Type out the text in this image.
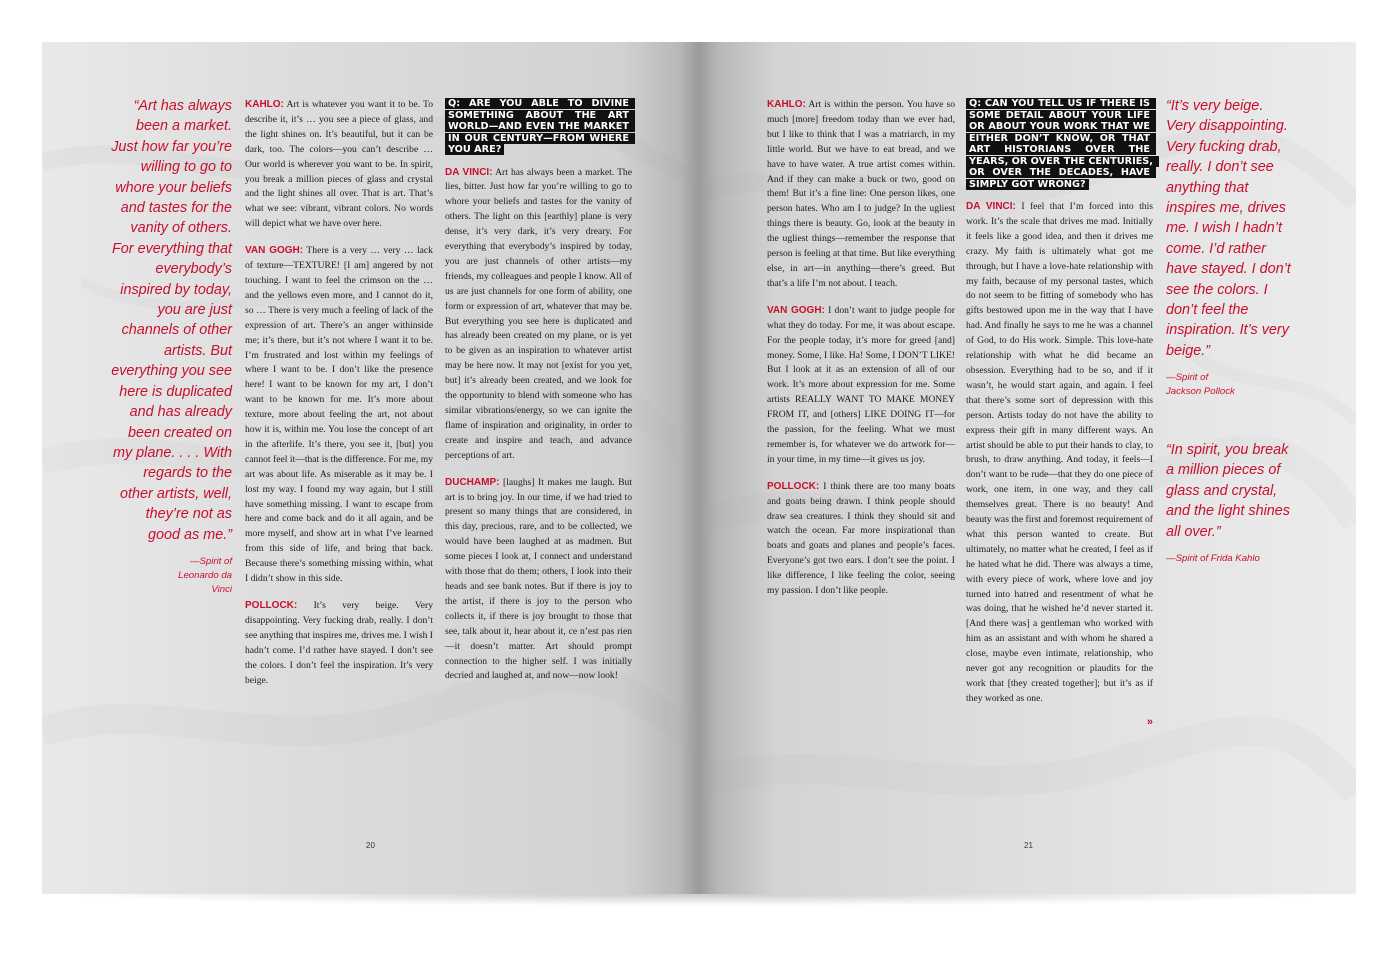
“Art has always been a market. Just how far you’re willing to go to whore your beliefs and tastes for the vanity of others. For everything that everybody’s inspired by today, you are just channels of other artists. But everything you see here is duplicated and has already been created on my plane. . . . With regards to the other artists, well, they’re not as good as me.”
—Spirit of Leonardo da Vinci

KAHLO: Art is whatever you want it to be. To describe it, it’s … you see a piece of glass, and the light shines on. It’s beautiful, but it can be dark, too. The colors—you can’t describe … Our world is wherever you want to be. In spirit, you break a million pieces of glass and crystal and the light shines all over. That is art. That’s what we see: vibrant, vibrant colors. No words will depict what we have over here.

VAN GOGH: There is a very … very … lack of texture—TEXTURE! [I am] angered by not touching. I want to feel the crimson on the … and the yellows even more, and I cannot do it, so … There is very much a feeling of lack of the expression of art. There’s an anger withinside me; it’s there, but it’s not where I want it to be. I’m frustrated and lost within my feelings of where I want to be. I don’t like the presence here! I want to be known for my art, I don’t want to be known for me. It’s more about texture, more about feeling the art, not about how it is, within me. You lose the concept of art in the afterlife. It’s there, you see it, [but] you cannot feel it—that is the difference. For me, my art was about life. As miserable as it may be. I lost my way. I found my way again, but I still have something missing. I want to escape from here and come back and do it all again, and be more myself, and show art in what I’ve learned from this side of life, and bring that back. Because there’s something missing within, what I didn’t show in this side.

POLLOCK: It’s very beige. Very disappointing. Very fucking drab, really. I don’t see anything that inspires me, drives me. I wish I hadn’t come. I’d rather have stayed. I don’t see the colors. I don’t feel the inspiration. It’s very beige.

Q: ARE YOU ABLE TO DIVINE SOMETHING ABOUT THE ART WORLD—AND EVEN THE MARKET IN OUR CENTURY—FROM WHERE YOU ARE?

DA VINCI: Art has always been a market. The lies, bitter. Just how far you’re willing to go to whore your beliefs and tastes for the vanity of others. The light on this [earthly] plane is very dense, it’s very dark, it’s very dreary. For everything that everybody’s inspired by today, you are just channels of other artists—my friends, my colleagues and people I know. All of us are just channels for one form of ability, one form or expression of art, whatever that may be. But everything you see here is duplicated and has already been created on my plane, or is yet to be given as an inspiration to whatever artist may be here now. It may not [exist for you yet, but] it’s already been created, and we look for the opportunity to blend with someone who has similar vibrations/energy, so we can ignite the flame of inspiration and originality, in order to create and inspire and teach, and advance perceptions of art.

DUCHAMP: [laughs] It makes me laugh. But art is to bring joy. In our time, if we had tried to present so many things that are considered, in this day, precious, rare, and to be collected, we would have been laughed at as madmen. But some pieces I look at, I connect and understand with those that do them; others, I look into their heads and see bank notes. But if there is joy to the artist, if there is joy to the person who collects it, if there is joy brought to those that see, talk about it, hear about it, ce n’est pas rien—it doesn’t matter. Art should prompt connection to the higher self. I was initially decried and laughed at, and now—now look!

20

KAHLO: Art is within the person. You have so much [more] freedom today than we ever had, but I like to think that I was a matriarch, in my little world. But we have to eat bread, and we have to have water. A true artist comes within. And if they can make a buck or two, good on them! But it’s a fine line: One person likes, one person hates. Who am I to judge? In the ugliest things there is beauty. Go, look at the beauty in the ugliest things—remember the response that person is feeling at that time. But like everything else, in art—in anything—there’s greed. But that’s a life I’m not about. I teach.

VAN GOGH: I don’t want to judge people for what they do today. For me, it was about escape. For the people today, it’s more for greed [and] money. Some, I like. Ha! Some, I DON’T LIKE! But I look at it as an extension of all of our work. It’s more about expression for me. Some artists REALLY WANT TO MAKE MONEY FROM IT, and [others] LIKE DOING IT—for the passion, for the feeling. What we must remember is, for whatever we do artwork for—in your time, in my time—it gives us joy.

POLLOCK: I think there are too many boats and goats being drawn. I think people should draw sea creatures. I think they should sit and watch the ocean. Far more inspirational than boats and goats and planes and people’s faces. Everyone’s got two ears. I don’t see the point. I like difference, I like feeling the color, seeing my passion. I don’t like people.

Q: CAN YOU TELL US IF THERE IS SOME DETAIL ABOUT YOUR LIFE OR ABOUT YOUR WORK THAT WE EITHER DON’T KNOW, OR THAT ART HISTORIANS OVER THE YEARS, OR OVER THE CENTURIES, OR OVER THE DECADES, HAVE SIMPLY GOT WRONG?

DA VINCI: I feel that I’m forced into this work. It’s the scale that drives me mad. Initially it feels like a good idea, and then it drives me crazy. My faith is ultimately what got me through, but I have a love-hate relationship with my faith, because of my personal tastes, which do not seem to be fitting of somebody who has gifts bestowed upon me in the way that I have had. And finally he says to me he was a channel of God, to do His work. Simple. This love-hate relationship with what he did became an obsession. Everything had to be so, and if it wasn’t, he would start again, and again. I feel that there’s some sort of depression with this person. Artists today do not have the ability to express their gift in many different ways. An artist should be able to put their hands to clay, to brush, to draw anything. And today, it feels—I don’t want to be rude—that they do one piece of work, one item, in one way, and they call themselves great. There is no beauty! And beauty was the first and foremost requirement of what this person wanted to create. But ultimately, no matter what he created, I feel as if he hated what he did. There was always a time, with every piece of work, where love and joy turned into hatred and resentment of what he was doing, that he wished he’d never started it. [And there was] a gentleman who worked with him as an assistant and with whom he shared a close, maybe even intimate, relationship, who never got any recognition or plaudits for the work that [they created together]; but it’s as if they worked as one.

»
“It’s very beige. Very disappointing. Very fucking drab, really. I don’t see anything that inspires me, drives me. I wish I hadn’t come. I’d rather have stayed. I don’t see the colors. I don’t feel the inspiration. It’s very beige.”
—Spirit of Jackson Pollock
“In spirit, you break a million pieces of glass and crystal, and the light shines all over.”
—Spirit of Frida Kahlo
21
